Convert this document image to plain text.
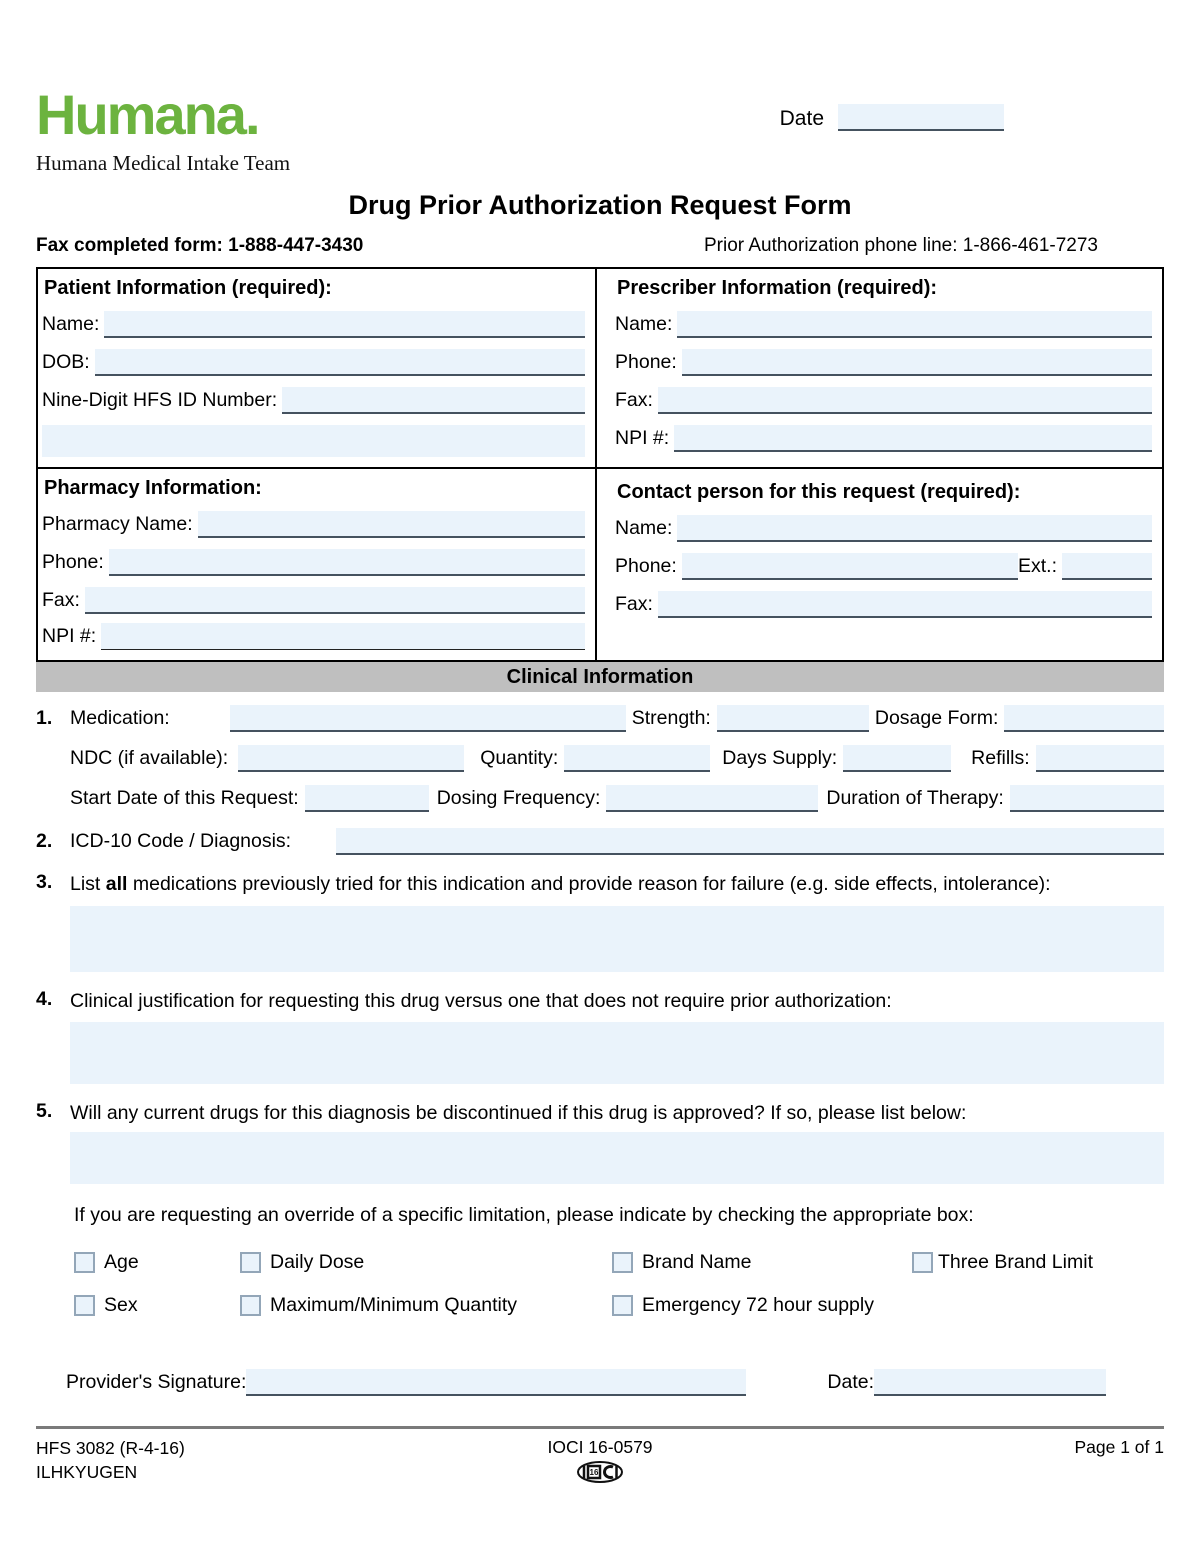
Humana.
Humana Medical Intake Team
Date
Drug Prior Authorization Request Form
Fax completed form: 1-888-447-3430	Prior Authorization phone line: 1-866-461-7273
Patient Information (required):
Name:
DOB:
Nine-Digit HFS ID Number:
Prescriber Information (required):
Name:
Phone:
Fax:
NPI #:
Pharmacy Information:
Pharmacy Name:
Phone:
Fax:
NPI #:
Contact person for this request (required):
Name:
Phone:	Ext.:
Fax:
Clinical Information
1. Medication:	Strength:	Dosage Form:
NDC (if available):	Quantity:	Days Supply:	Refills:
Start Date of this Request:	Dosing Frequency:	Duration of Therapy:
2. ICD-10 Code / Diagnosis:
3. List all medications previously tried for this indication and provide reason for failure (e.g. side effects, intolerance):
4. Clinical justification for requesting this drug versus one that does not require prior authorization:
5. Will any current drugs for this diagnosis be discontinued if this drug is approved? If so, please list below:
If you are requesting an override of a specific limitation, please indicate by checking the appropriate box:
Age	Daily Dose	Brand Name	Three Brand Limit
Sex	Maximum/Minimum Quantity	Emergency 72 hour supply
Provider's Signature:	Date:
HFS 3082 (R-4-16)
ILHKYUGEN
IOCI 16-0579
16
Page 1 of 1
